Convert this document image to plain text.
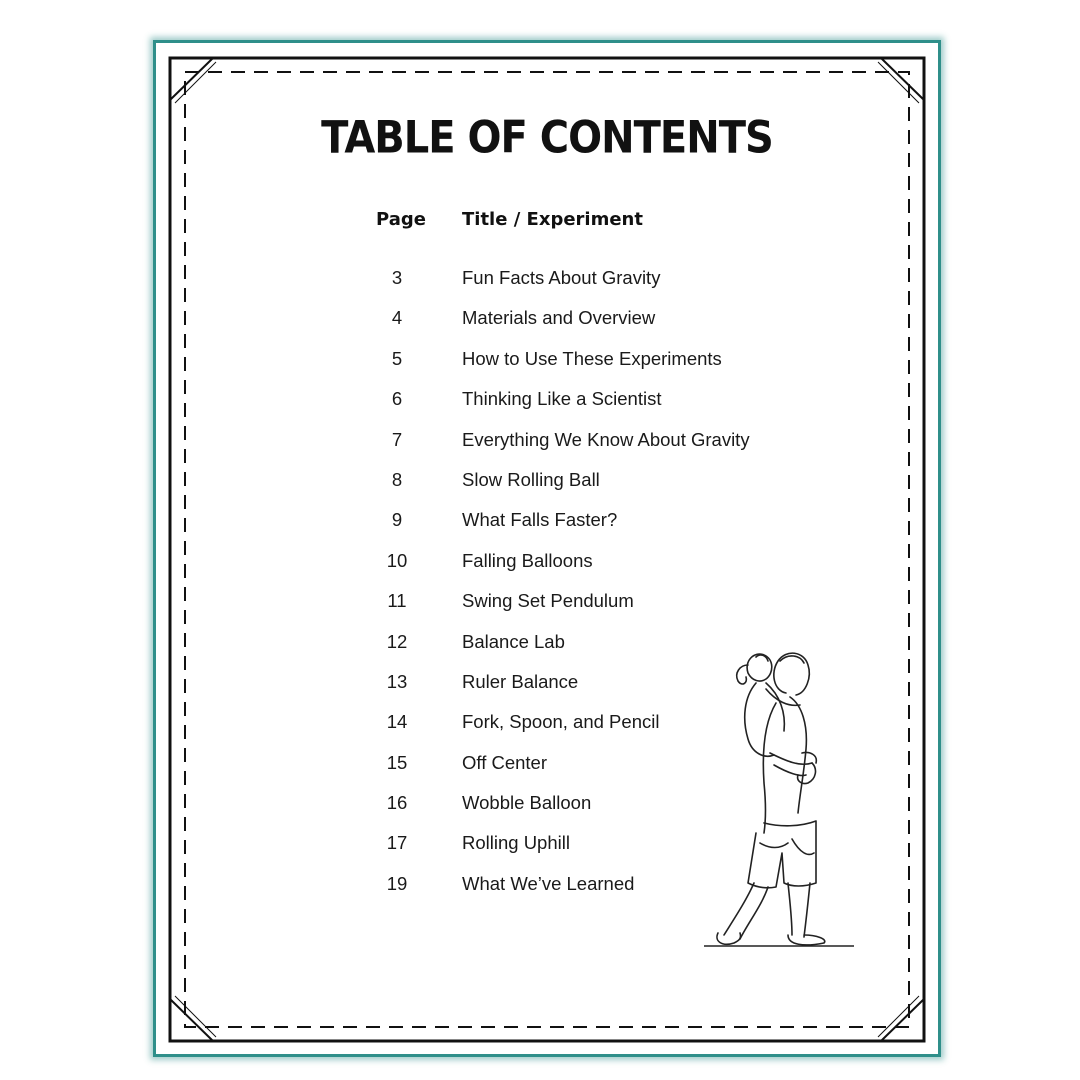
TABLE OF CONTENTS
Page Title / Experiment
3	Fun Facts About Gravity
4	Materials and Overview
5	How to Use These Experiments
6	Thinking Like a Scientist
7	Everything We Know About Gravity
8	Slow Rolling Ball
9	What Falls Faster?
10	Falling Balloons
11	Swing Set Pendulum
12	Balance Lab
13	Ruler Balance
14	Fork, Spoon, and Pencil
15	Off Center
16	Wobble Balloon
17	Rolling Uphill
19	What We’ve Learned
